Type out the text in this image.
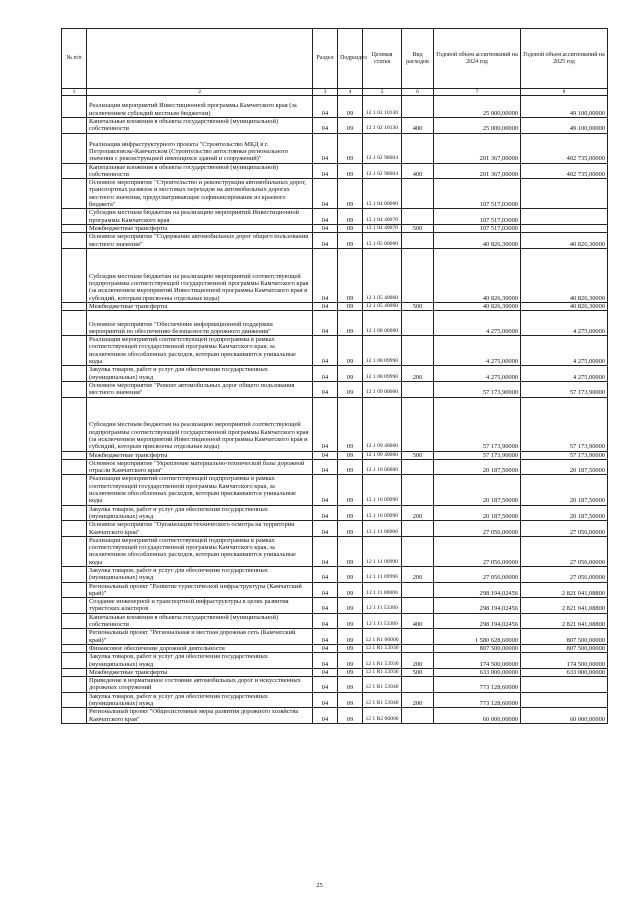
№ п/п		Раздел	Подраздел	Целевая статья	Вид расходов	Годовой объем ассигнований на 2024 год	Годовой объем ассигнований на 2025 год
1	2	3	4	5	6	7	8
	Реализация мероприятий Инвестиционной программы Камчатского края (за исключением субсидий местным бюджетам)	04	09	12 1 02 10130		25 000,00000	49 100,00000
	Капитальные вложения в объекты государственной (муниципальной) собственности	04	09	12 1 02 10130	400	25 000,00000	49 100,00000
	Реализация инфраструктурного проекта "Строительство МКД в г. Петропавловске-Камчатском (Строительство автостоянки регионального значения с реконструкцией имеющихся зданий и сооружений)"	04	09	12 1 02 98004		201 367,00000	402 735,00000
	Капитальные вложения в объекты государственной (муниципальной) собственности	04	09	12 1 02 98004	400	201 367,00000	402 735,00000
	Основное мероприятие "Строительство и реконструкция автомобильных дорог, транспортных развязок и мостовых переходов на автомобильных дорогах местного значения, предусматривающие софинансирование из краевого бюджета"	04	09	12 1 04 00000		107 517,03000	
	Субсидии местным бюджетам на реализацию мероприятий Инвестиционной программы Камчатского края	04	09	12 1 04 40070		107 517,03000	
	Межбюджетные трансферты	04	09	12 1 04 40070	500	107 517,03000	
	Основное мероприятие "Содержание автомобильных дорог общего пользования местного значения"	04	09	12 1 05 00000		40 826,30000	40 826,30000
	Субсидии местным бюджетам на реализацию мероприятий соответствующей подпрограммы соответствующей государственной программы Камчатского края (за исключением мероприятий Инвестиционной программы Камчатского края и субсидий, которым присвоены отдельные коды)	04	09	12 1 05 40060		40 826,30000	40 826,30000
	Межбюджетные трансферты	04	09	12 1 05 40060	500	40 826,30000	40 826,30000
	Основное мероприятие "Обеспечение информационной поддержки мероприятий по обеспечению безопасности дорожного движения"	04	09	12 1 08 00000		4 275,00000	4 275,00000
	Реализация мероприятий соответствующей подпрограммы в рамках соответствующей государственной программы Камчатского края, за исключением обособленных расходов, которым присваиваются уникальные коды	04	09	12 1 08 09990		4 275,00000	4 275,00000
	Закупка товаров, работ и услуг для обеспечения государственных (муниципальных) нужд	04	09	12 1 08 09990	200	4 275,00000	4 275,00000
	Основное мероприятие "Ремонт автомобильных дорог общего пользования местного значения"	04	09	12 1 09 00000		57 173,90000	57 173,90000
	Субсидии местным бюджетам на реализацию мероприятий соответствующей подпрограммы соответствующей государственной программы Камчатского края (за исключением мероприятий Инвестиционной программы Камчатского края и субсидий, которым присвоены отдельные коды)	04	09	12 1 09 40060		57 173,90000	57 173,90000
	Межбюджетные трансферты	04	09	12 1 09 40060	500	57 173,90000	57 173,90000
	Основное мероприятие "Укрепление материально-технической базы дорожной отрасли Камчатского края"	04	09	12 1 10 00000		20 187,50000	20 187,50000
	Реализация мероприятий соответствующей подпрограммы в рамках соответствующей государственной программы Камчатского края, за исключением обособленных расходов, которым присваиваются уникальные коды	04	09	12 1 10 09990		20 187,50000	20 187,50000
	Закупка товаров, работ и услуг для обеспечения государственных (муниципальных) нужд	04	09	12 1 10 09990	200	20 187,50000	20 187,50000
	Основное мероприятие "Организация технического осмотра на территории Камчатского края"	04	09	12 1 11 00000		27 056,00000	27 056,00000
	Реализация мероприятий соответствующей подпрограммы в рамках соответствующей государственной программы Камчатского края, за исключением обособленных расходов, которым присваиваются уникальные коды	04	09	12 1 11 09990		27 056,00000	27 056,00000
	Закупка товаров, работ и услуг для обеспечения государственных (муниципальных) нужд	04	09	12 1 11 09990	200	27 056,00000	27 056,00000
	Региональный проект "Развитие туристической инфраструктуры (Камчатский край)"	04	09	12 1 J1 00000		298 194,02456	2 821 041,08800
	Создание инженерной и транспортной инфраструктуры в целях развития туристских кластеров	04	09	12 1 J1 53380		298 194,02456	2 821 041,08800
	Капитальные вложения в объекты государственной (муниципальной) собственности	04	09	12 1 J1 53380	400	298 194,02456	2 821 041,08800
	Региональный проект "Региональная и местная дорожная сеть (Камчатский край)"	04	09	12 1 R1 00000		1 580 628,60000	807 500,00000
	Финансовое обеспечение дорожной деятельности	04	09	12 1 R1 53930		807 500,00000	807 500,00000
	Закупка товаров, работ и услуг для обеспечения государственных (муниципальных) нужд	04	09	12 1 R1 53930	200	174 500,00000	174 500,00000
	Межбюджетные трансферты	04	09	12 1 R1 53930	500	633 000,00000	633 000,00000
	Приведение в нормативное состояние автомобильных дорог и искусственных дорожных сооружений	04	09	12 1 R1 53940		773 128,60000	
	Закупка товаров, работ и услуг для обеспечения государственных (муниципальных) нужд	04	09	12 1 R1 53940	200	773 128,60000	
	Региональный проект "Общесистемные меры развития дорожного хозяйства Камчатского края"	04	09	12 1 R2 00000		60 000,00000	60 000,00000
25
